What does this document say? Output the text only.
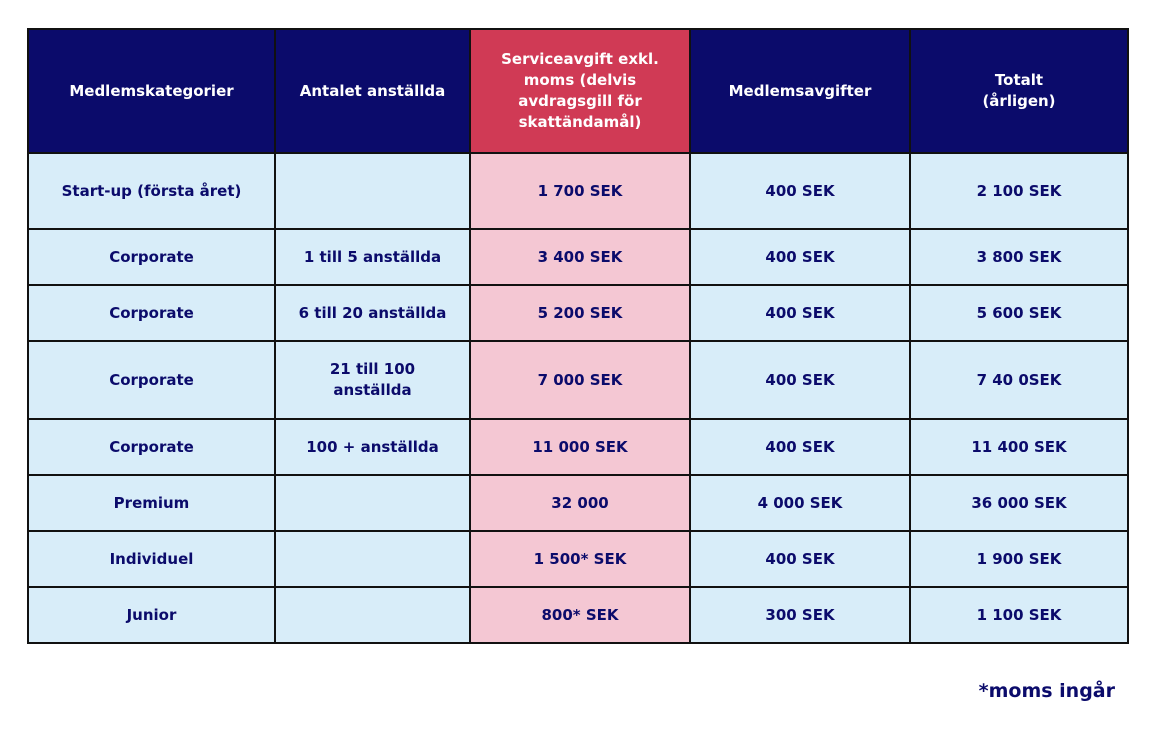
Medlemskategorier	Antalet anställda	Serviceavgift exkl.
moms (delvis
avdragsgill för
skattändamål)	Medlemsavgifter	Totalt
(årligen)
Start-up (första året)		1 700 SEK	400 SEK	2 100 SEK
Corporate	1 till 5 anställda	3 400 SEK	400 SEK	3 800 SEK
Corporate	6 till 20 anställda	5 200 SEK	400 SEK	5 600 SEK
Corporate	21 till 100
anställda	7 000 SEK	400 SEK	7 40 0SEK
Corporate	100 + anställda	11 000 SEK	400 SEK	11 400 SEK
Premium		32 000	4 000 SEK	36 000 SEK
Individuel		1 500* SEK	400 SEK	1 900 SEK
Junior		800* SEK	300 SEK	1 100 SEK
*moms ingår
